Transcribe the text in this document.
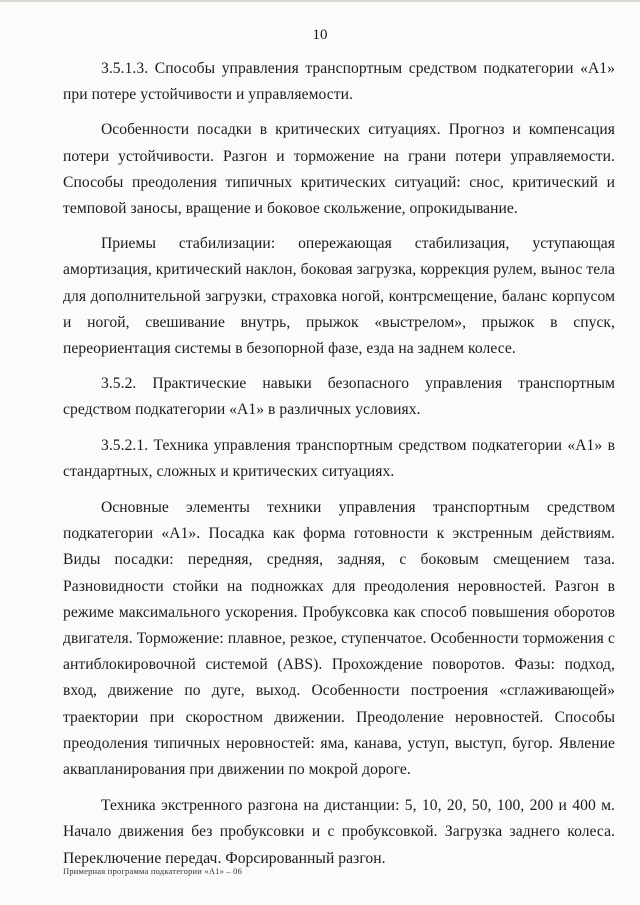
10

3.5.1.3. Способы управления транспортным средством подкатегории «А1» при потере устойчивости и управляемости.

Особенности посадки в критических ситуациях. Прогноз и компенсация потери устойчивости. Разгон и торможение на грани потери управляемости. Способы преодоления типичных критических ситуаций: снос, критический и темповой заносы, вращение и боковое скольжение, опрокидывание.

Приемы стабилизации: опережающая стабилизация, уступающая амортизация, критический наклон, боковая загрузка, коррекция рулем, вынос тела для дополнительной загрузки, страховка ногой, контрсмещение, баланс корпусом и ногой, свешивание внутрь, прыжок «выстрелом», прыжок в спуск, переориентация системы в безопорной фазе, езда на заднем колесе.

3.5.2. Практические навыки безопасного управления транспортным средством подкатегории «А1» в различных условиях.

3.5.2.1. Техника управления транспортным средством подкатегории «А1» в стандартных, сложных и критических ситуациях.

Основные элементы техники управления транспортным средством подкатегории «А1». Посадка как форма готовности к экстренным действиям. Виды посадки: передняя, средняя, задняя, с боковым смещением таза. Разновидности стойки на подножках для преодоления неровностей. Разгон в режиме максимального ускорения. Пробуксовка как способ повышения оборотов двигателя. Торможение: плавное, резкое, ступенчатое. Особенности торможения с антиблокировочной системой (ABS). Прохождение поворотов. Фазы: подход, вход, движение по дуге, выход. Особенности построения «сглаживающей» траектории при скоростном движении. Преодоление неровностей. Способы преодоления типичных неровностей: яма, канава, уступ, выступ, бугор. Явление аквапланирования при движении по мокрой дороге.

Техника экстренного разгона на дистанции: 5, 10, 20, 50, 100, 200 и 400 м. Начало движения без пробуксовки и с пробуксовкой. Загрузка заднего колеса. Переключение передач. Форсированный разгон.

Примерная программа подкатегории «А1» – 06
